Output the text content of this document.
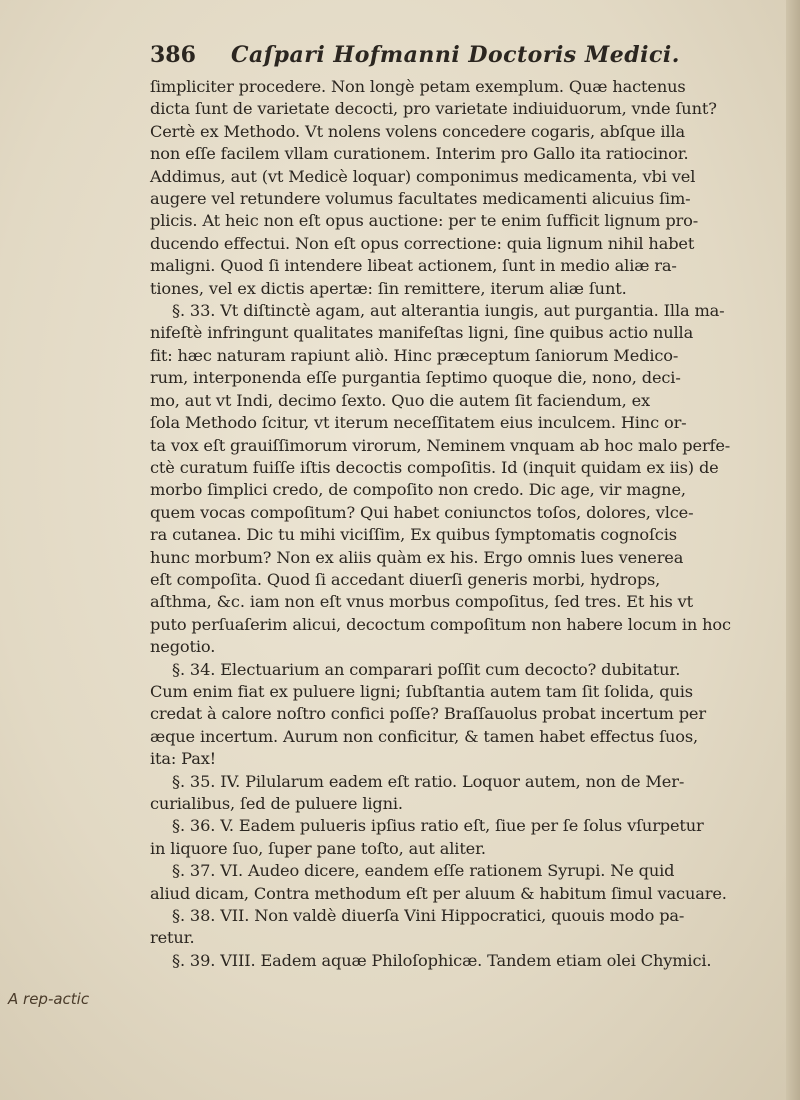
386 Caſpari Hofmanni Doctoris Medici.
ſimpliciter procedere. Non longè petam exemplum. Quæ hactenus
dicta ſunt de varietate decocti, pro varietate indiuiduorum, vnde ſunt?
Certè ex Methodo. Vt nolens volens concedere cogaris, abſque illa
non eſſe facilem vllam curationem. Interim pro Gallo ita ratiocinor.
Addimus, aut (vt Medicè loquar) componimus medicamenta, vbi vel
augere vel retundere volumus facultates medicamenti alicuius ſim-
plicis. At heic non eſt opus auctione: per te enim ſufficit lignum pro-
ducendo effectui. Non eſt opus correctione: quia lignum nihil habet
maligni. Quod ſi intendere libeat actionem, ſunt in medio aliæ ra-
tiones, vel ex dictis apertæ: ſin remittere, iterum aliæ ſunt.
§. 33. Vt diſtinctè agam, aut alterantia iungis, aut purgantia. Illa ma-
nifeſtè infringunt qualitates manifeſtas ligni, ſine quibus actio nulla
fit: hæc naturam rapiunt aliò. Hinc præceptum ſaniorum Medico-
rum, interponenda eſſe purgantia ſeptimo quoque die, nono, deci-
mo, aut vt Indi, decimo ſexto. Quo die autem ſit faciendum, ex
ſola Methodo ſcitur, vt iterum neceſſitatem eius inculcem. Hinc or-
ta vox eſt grauiſſimorum virorum, Neminem vnquam ab hoc malo perfe-
ctè curatum fuiſſe iſtis decoctis compoſitis. Id (inquit quidam ex iis) de
morbo ſimplici credo, de compoſito non credo. Dic age, vir magne,
quem vocas compoſitum? Qui habet coniunctos toſos, dolores, vlce-
ra cutanea. Dic tu mihi viciſſim, Ex quibus ſymptomatis cognoſcis
hunc morbum? Non ex aliis quàm ex his. Ergo omnis lues venerea
eſt compoſita. Quod ſi accedant diuerſi generis morbi, hydrops,
aſthma, &c. iam non eſt vnus morbus compoſitus, ſed tres. Et his vt
puto perſuaſerim alicui, decoctum compoſitum non habere locum in hoc
negotio.
§. 34. Electuarium an comparari poſſit cum decocto? dubitatur.
Cum enim fiat ex puluere ligni; ſubſtantia autem tam ſit ſolida, quis
credat à calore noſtro confici poſſe? Braſſauolus probat incertum per
æque incertum. Aurum non conficitur, & tamen habet effectus ſuos,
ita: Pax!
§. 35. IV. Pilularum eadem eſt ratio. Loquor autem, non de Mer-
curialibus, ſed de puluere ligni.
§. 36. V. Eadem pulueris ipſius ratio eſt, ſiue per ſe ſolus vſurpetur
in liquore ſuo, ſuper pane toſto, aut aliter.
§. 37. VI. Audeo dicere, eandem eſſe rationem Syrupi. Ne quid
aliud dicam, Contra methodum eſt per aluum & habitum ſimul vacuare.
§. 38. VII. Non valdè diuerſa Vini Hippocratici, quouis modo pa-
retur.
§. 39. VIII. Eadem aquæ Philoſophicæ. Tandem etiam olei Chymici.
A rep-actic
